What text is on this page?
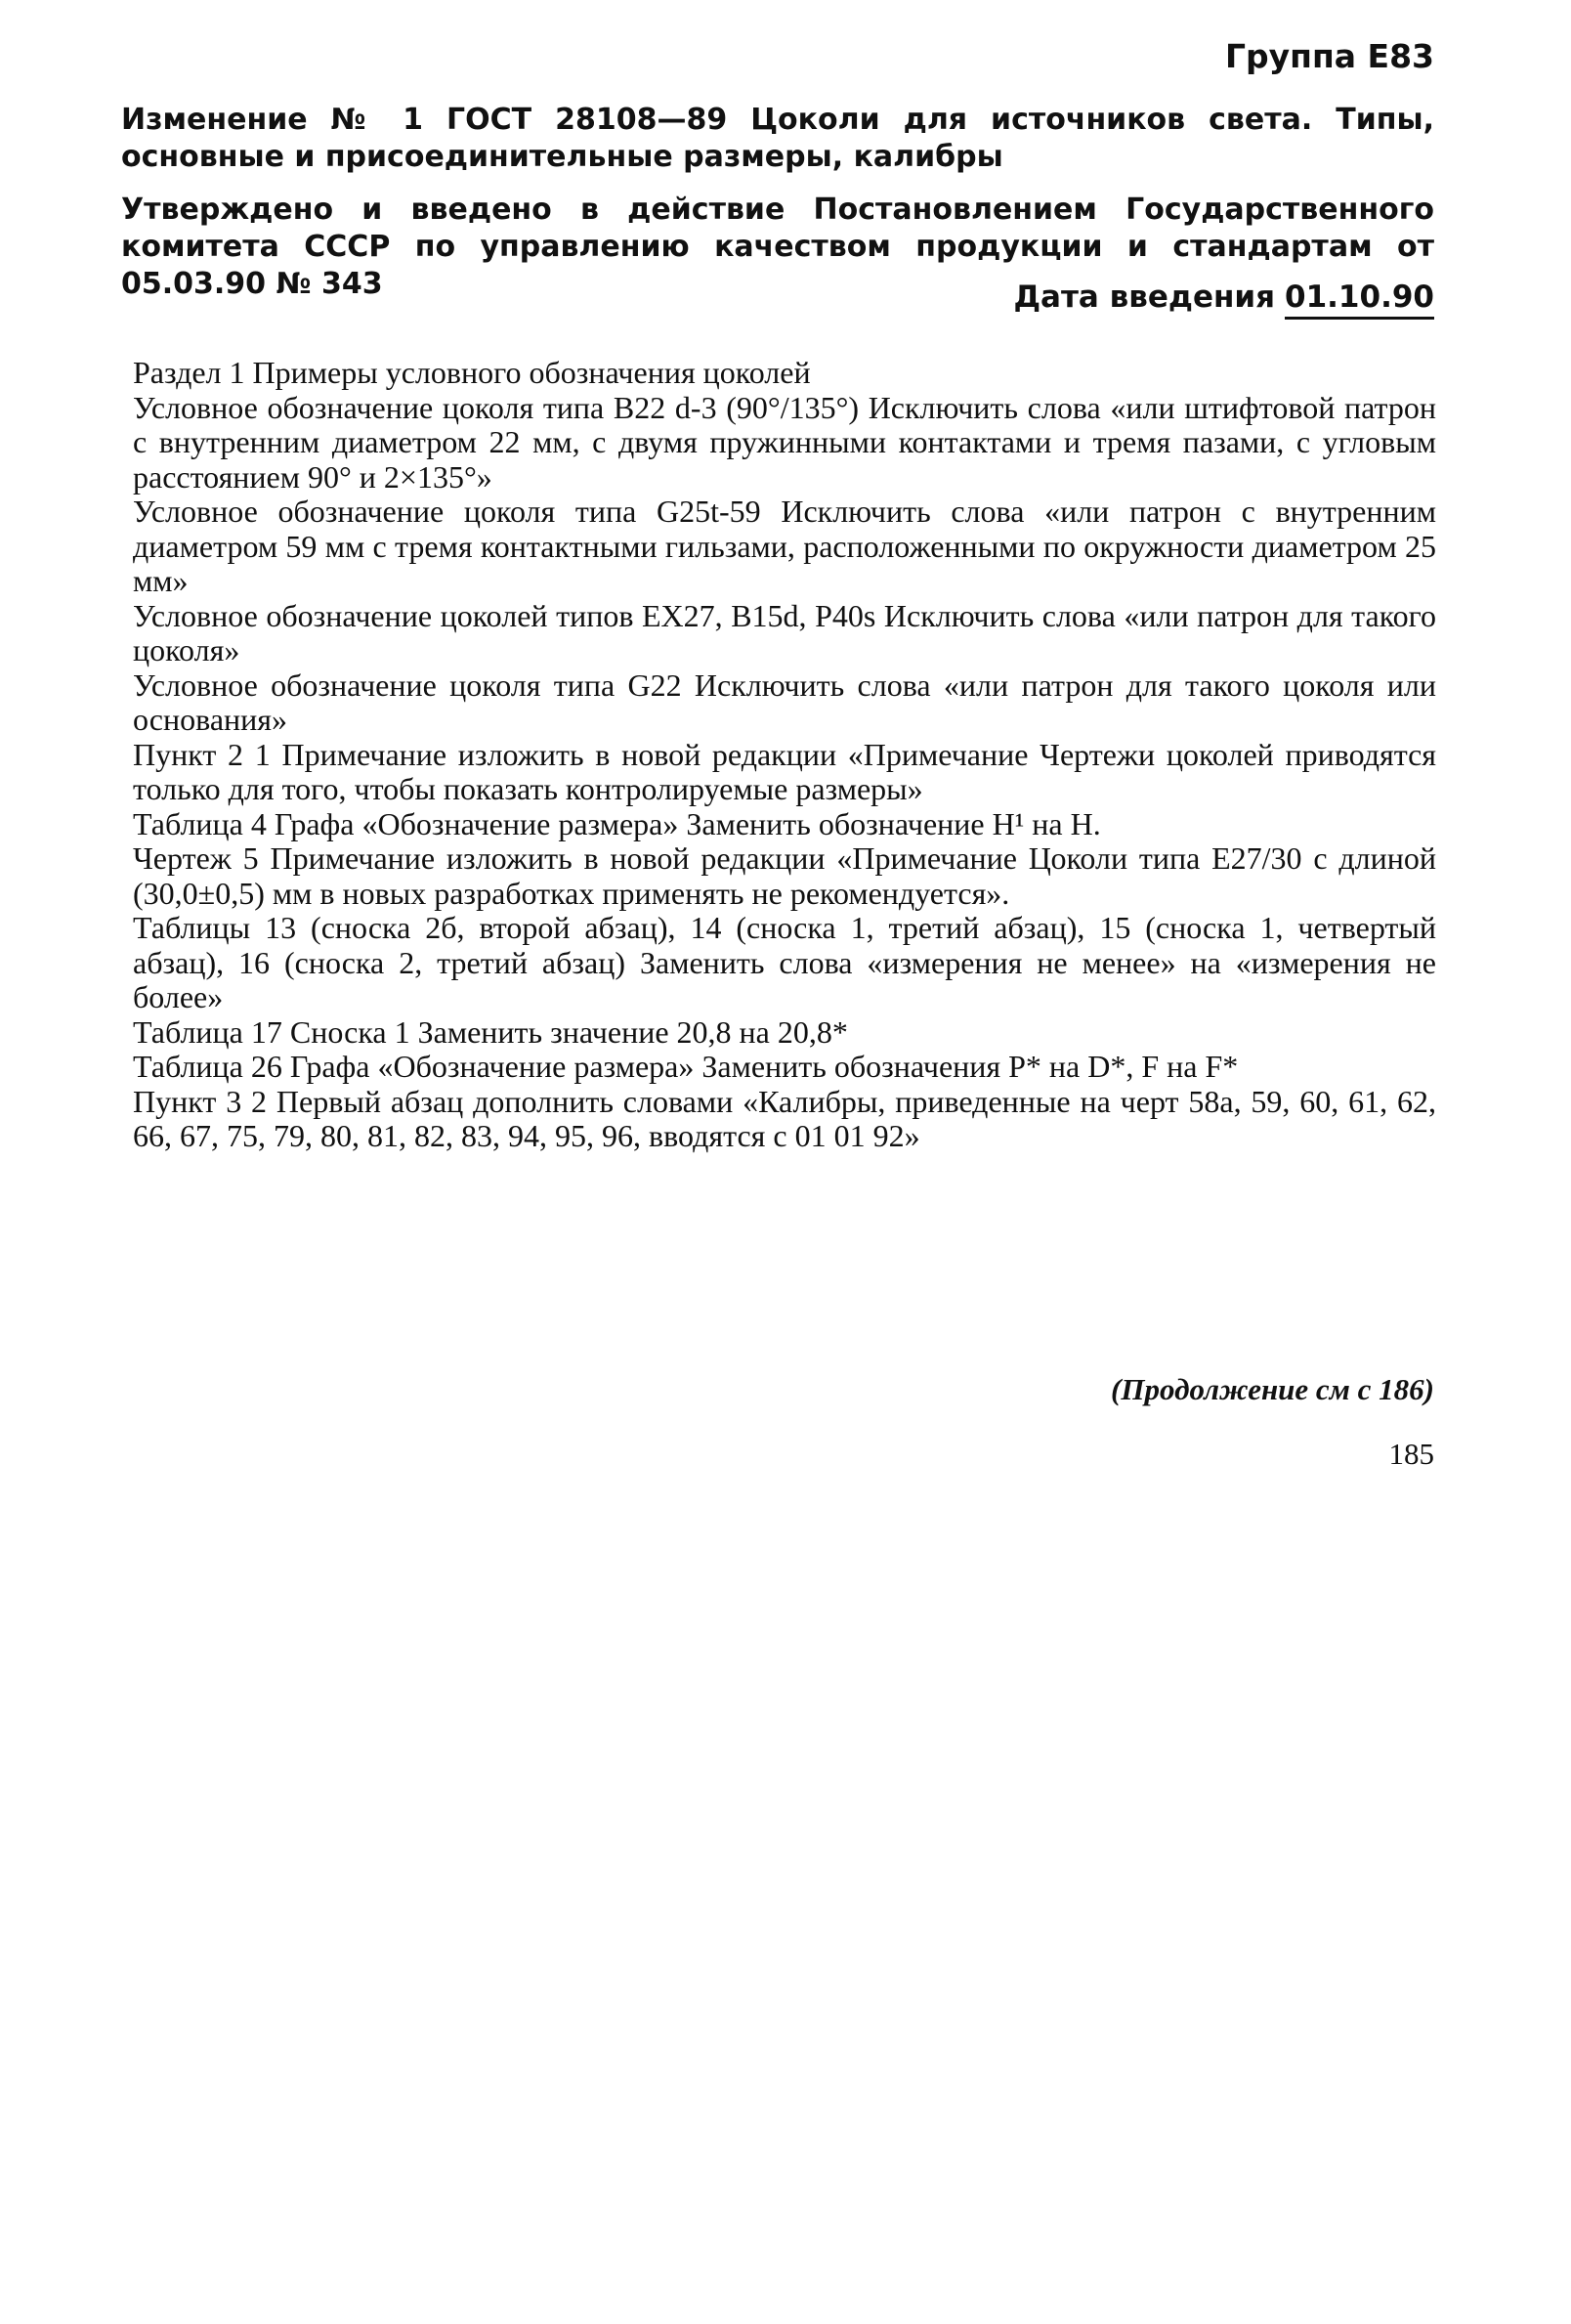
Группа Е83
Изменение № 1 ГОСТ 28108—89 Цоколи для источников света. Типы, основные и присоединительные размеры, калибры
Утверждено и введено в действие Постановлением Государственного комитета СССР по управлению качеством продукции и стандартам от 05.03.90 № 343	Дата введения 01.10.90

Раздел 1 Примеры условного обозначения цоколей

Условное обозначение цоколя типа В22 d-3 (90°/135°) Исключить слова «или штифтовой патрон с внутренним диаметром 22 мм, с двумя пружинными контактами и тремя пазами, с угловым расстоянием 90° и 2×135°»

Условное обозначение цоколя типа G25t-59 Исключить слова «или патрон с внутренним диаметром 59 мм с тремя контактными гильзами, расположенными по окружности диаметром 25 мм»

Условное обозначение цоколей типов ЕХ27, B15d, P40s Исключить слова «или патрон для такого цоколя»

Условное обозначение цоколя типа G22 Исключить слова «или патрон для такого цоколя или основания»

Пункт 2 1 Примечание изложить в новой редакции «Примечание Чертежи цоколей приводятся только для того, чтобы показать контролируемые размеры»

Таблица 4 Графа «Обозначение размера» Заменить обозначение H¹ на H.

Чертеж 5 Примечание изложить в новой редакции «Примечание Цоколи типа Е27/30 с длиной (30,0±0,5) мм в новых разработках применять не рекомендуется».

Таблицы 13 (сноска 2б, второй абзац), 14 (сноска 1, третий абзац), 15 (сноска 1, четвертый абзац), 16 (сноска 2, третий абзац) Заменить слова «измерения не менее» на «измерения не более»

Таблица 17 Сноска 1 Заменить значение 20,8 на 20,8*

Таблица 26 Графа «Обозначение размера» Заменить обозначения P* на D*, F на F*

Пункт 3 2 Первый абзац дополнить словами «Калибры, приведенные на черт 58а, 59, 60, 61, 62, 66, 67, 75, 79, 80, 81, 82, 83, 94, 95, 96, вводятся с 01 01 92»

(Продолжение см с 186)
185
